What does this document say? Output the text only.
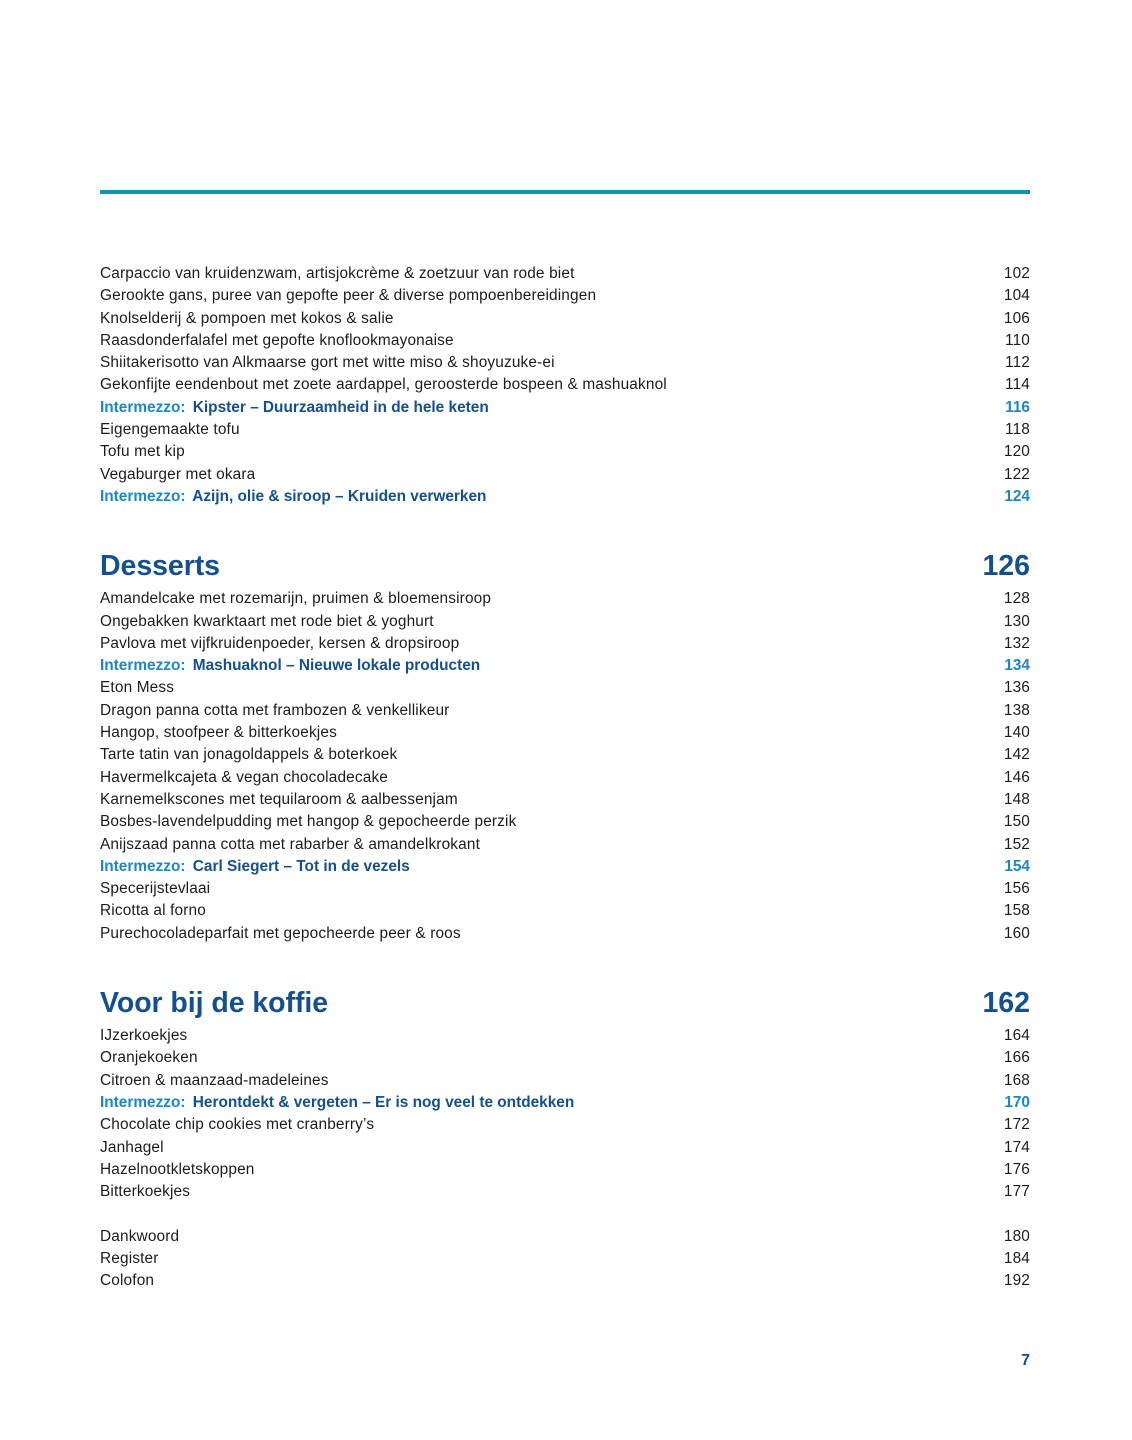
Carpaccio van kruidenzwam, artisjokcrème & zoetzuur van rode biet	102
Gerookte gans, puree van gepofte peer & diverse pompoenbereidingen	104
Knolselderij & pompoen met kokos & salie	106
Raasdonderfalafel met gepofte knoflookmayonaise	110
Shiitakerisotto van Alkmaarse gort met witte miso & shoyuzuke-ei	112
Gekonfijte eendenbout met zoete aardappel, geroosterde bospeen & mashuaknol	114
Intermezzo: Kipster – Duurzaamheid in de hele keten	116
Eigengemaakte tofu	118
Tofu met kip	120
Vegaburger met okara	122
Intermezzo: Azijn, olie & siroop – Kruiden verwerken	124
Desserts	126
Amandelcake met rozemarijn, pruimen & bloemensiroop	128
Ongebakken kwarktaart met rode biet & yoghurt	130
Pavlova met vijfkruidenpoeder, kersen & dropsiroop	132
Intermezzo: Mashuaknol – Nieuwe lokale producten	134
Eton Mess	136
Dragon panna cotta met frambozen & venkellikeur	138
Hangop, stoofpeer & bitterkoekjes	140
Tarte tatin van jonagoldappels & boterkoek	142
Havermelkcajeta & vegan chocoladecake	146
Karnemelkscones met tequilaroom & aalbessenjam	148
Bosbes-lavendelpudding met hangop & gepocheerde perzik	150
Anijszaad panna cotta met rabarber & amandelkrokant	152
Intermezzo: Carl Siegert – Tot in de vezels	154
Specerijstevlaai	156
Ricotta al forno	158
Purechocoladeparfait met gepocheerde peer & roos	160
Voor bij de koffie	162
IJzerkoekjes	164
Oranjekoeken	166
Citroen & maanzaad-madeleines	168
Intermezzo: Herontdekt & vergeten – Er is nog veel te ontdekken	170
Chocolate chip cookies met cranberry’s	172
Janhagel	174
Hazelnootkletskoppen	176
Bitterkoekjes	177
Dankwoord	180
Register	184
Colofon	192
7
